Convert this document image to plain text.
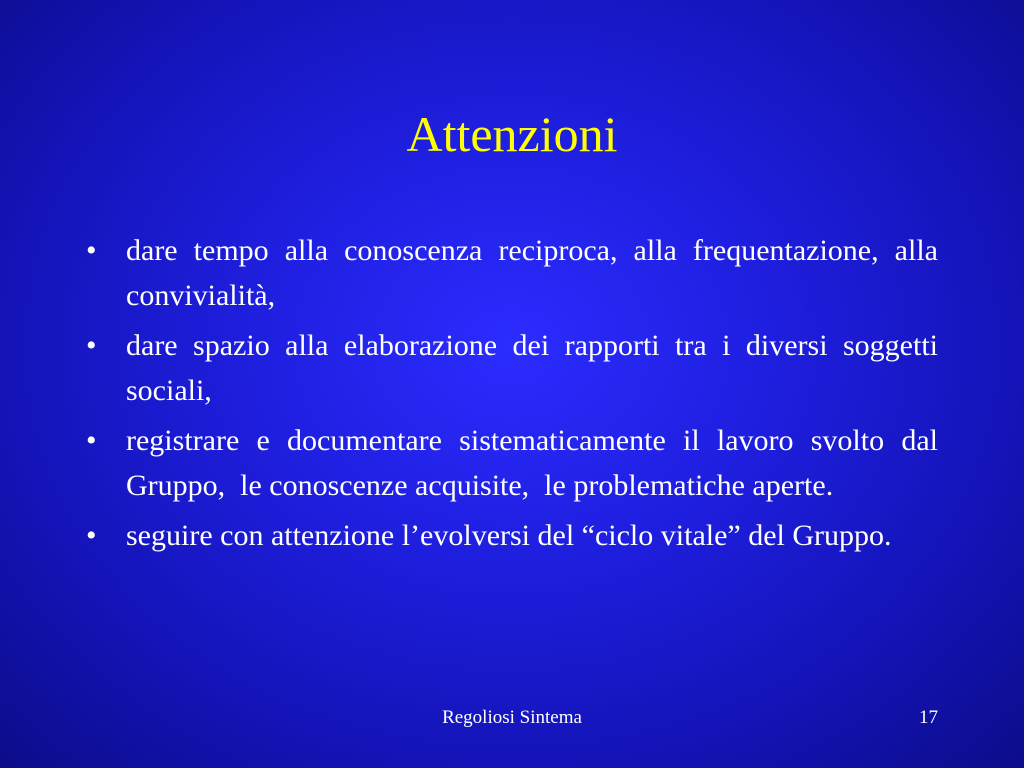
Attenzioni
• dare tempo alla conoscenza reciproca, alla frequentazione, alla convivialità,
• dare spazio alla elaborazione dei rapporti tra i diversi soggetti sociali,
• registrare e documentare sistematicamente il lavoro svolto dal Gruppo,  le conoscenze acquisite,  le problematiche aperte.
• seguire con attenzione l’evolversi del “ciclo vitale” del Gruppo.
Regoliosi Sintema	17
